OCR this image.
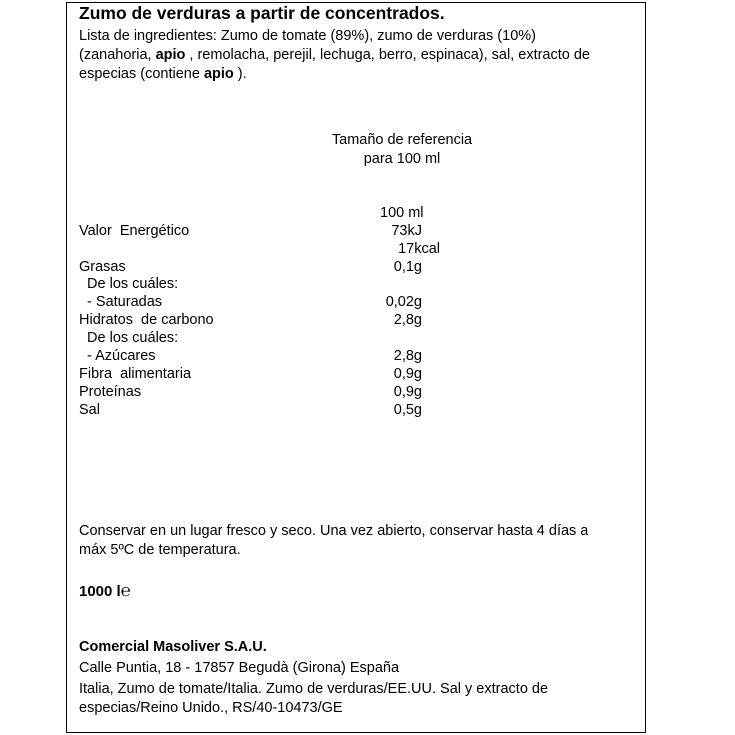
Zumo de verduras a partir de concentrados.
Lista de ingredientes: Zumo de tomate (89%), zumo de verduras (10%)
(zanahoria, apio , remolacha, perejil, lechuga, berro, espinaca), sal, extracto de
especias (contiene apio ).
Tamaño de referencia
para 100 ml
100 ml
Valor  Energético	73kJ
17kcal
Grasas	0,1g
De los cuáles:
- Saturadas	0,02g
Hidratos  de carbono	2,8g
De los cuáles:
- Azúcares	2,8g
Fibra  alimentaria	0,9g
Proteínas	0,9g
Sal	0,5g
Conservar en un lugar fresco y seco. Una vez abierto, conservar hasta 4 días a
máx 5ºC de temperatura.
1000 l℮
Comercial Masoliver S.A.U.
Calle Puntia, 18 - 17857 Begudà (Girona) España
Italia, Zumo de tomate/Italia. Zumo de verduras/EE.UU. Sal y extracto de
especias/Reino Unido., RS/40-10473/GE
